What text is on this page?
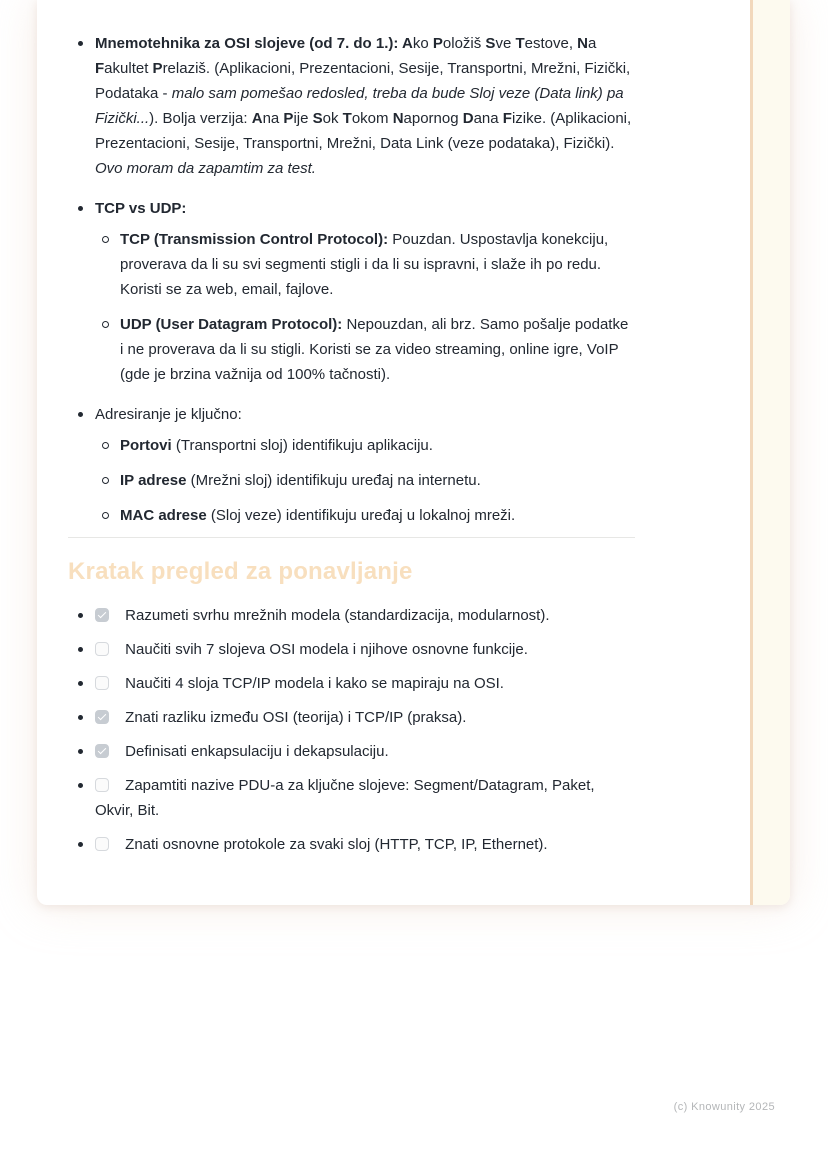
Mnemotehnika za OSI slojeve (od 7. do 1.): Ako Položiš Sve Testove, Na Fakultet Prelaziš. (Aplikacioni, Prezentacioni, Sesije, Transportni, Mrežni, Fizički, Podataka - malo sam pomešao redosled, treba da bude Sloj veze (Data link) pa Fizički...). Bolja verzija: Ana Pije Sok Tokom Napornog Dana Fizike. (Aplikacioni, Prezentacioni, Sesije, Transportni, Mrežni, Data Link (veze podataka), Fizički). Ovo moram da zapamtim za test.
TCP vs UDP:
TCP (Transmission Control Protocol): Pouzdan. Uspostavlja konekciju, proverava da li su svi segmenti stigli i da li su ispravni, i slaže ih po redu. Koristi se za web, email, fajlove.
UDP (User Datagram Protocol): Nepouzdan, ali brz. Samo pošalje podatke i ne proverava da li su stigli. Koristi se za video streaming, online igre, VoIP (gde je brzina važnija od 100% tačnosti).
Adresiranje je ključno:
Portovi (Transportni sloj) identifikuju aplikaciju.
IP adrese (Mrežni sloj) identifikuju uređaj na internetu.
MAC adrese (Sloj veze) identifikuju uređaj u lokalnoj mreži.
Kratak pregled za ponavljanje
Razumeti svrhu mrežnih modela (standardizacija, modularnost).
Naučiti svih 7 slojeva OSI modela i njihove osnovne funkcije.
Naučiti 4 sloja TCP/IP modela i kako se mapiraju na OSI.
Znati razliku između OSI (teorija) i TCP/IP (praksa).
Definisati enkapsulaciju i dekapsulaciju.
Zapamtiti nazive PDU-a za ključne slojeve: Segment/Datagram, Paket, Okvir, Bit.
Znati osnovne protokole za svaki sloj (HTTP, TCP, IP, Ethernet).
(c) Knowunity 2025
